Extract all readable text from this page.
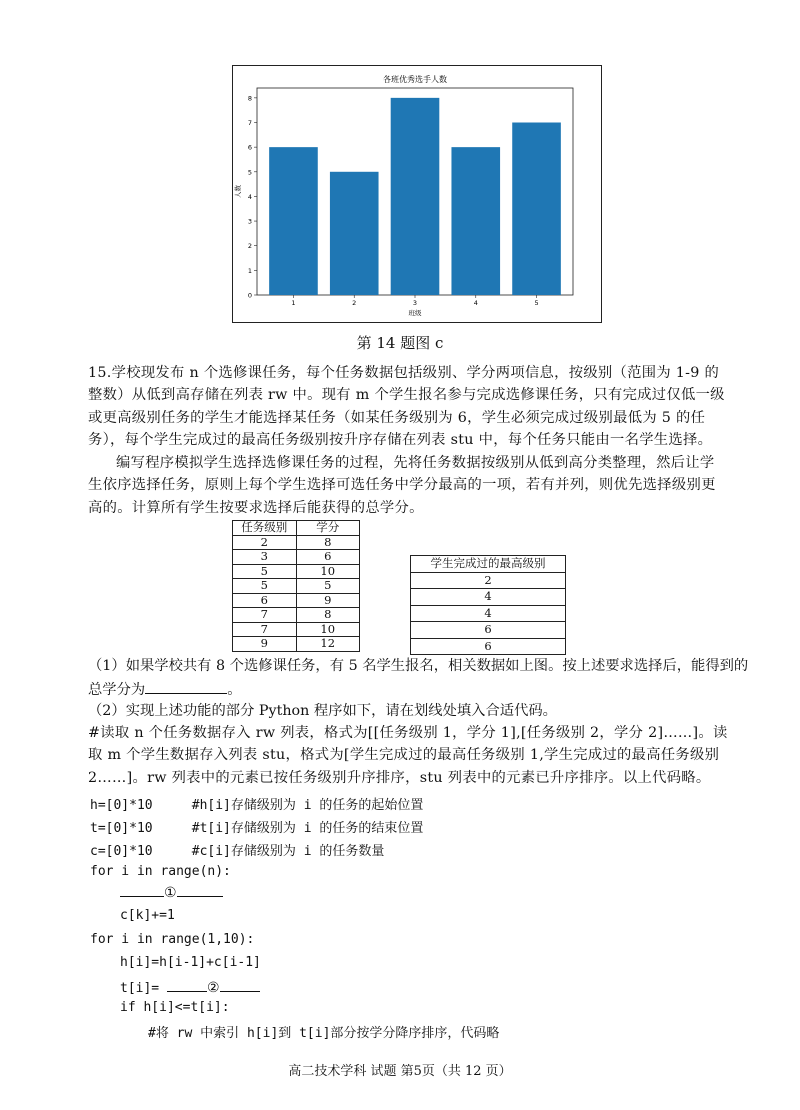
各班优秀选手人数
0
1
2
3
4
5
6
7
8
1	2	3	4	5
班级
人数
第 14 题图 c
15.学校现发布 n 个选修课任务，每个任务数据包括级别、学分两项信息，按级别（范围为 1-9 的整数）从低到高存储在列表 rw 中。现有 m 个学生报名参与完成选修课任务，只有完成过仅低一级或更高级别任务的学生才能选择某任务（如某任务级别为 6，学生必须完成过级别最低为 5 的任务），每个学生完成过的最高任务级别按升序存储在列表 stu 中，每个任务只能由一名学生选择。
编写程序模拟学生选择选修课任务的过程，先将任务数据按级别从低到高分类整理，然后让学生依序选择任务，原则上每个学生选择可选任务中学分最高的一项，若有并列，则优先选择级别更高的。计算所有学生按要求选择后能获得的总学分。
任务级别	学分
2	8
3	6
5	10
5	5
6	9
7	8
7	10
9	12
学生完成过的最高级别
2
4
4
6
6
（1）如果学校共有 8 个选修课任务，有 5 名学生报名，相关数据如上图。按上述要求选择后，能得到的
总学分为	。
（2）实现上述功能的部分 Python 程序如下，请在划线处填入合适代码。
#读取 n 个任务数据存入 rw 列表，格式为[[任务级别 1，学分 1],[任务级别 2，学分 2]……]。读取 m 个学生数据存入列表 stu，格式为[学生完成过的最高任务级别 1,学生完成过的最高任务级别 2……]。rw 列表中的元素已按任务级别升序排序，stu 列表中的元素已升序排序。以上代码略。
h=[0]*10     #h[i]存储级别为 i 的任务的起始位置
t=[0]*10     #t[i]存储级别为 i 的任务的结束位置
c=[0]*10     #c[i]存储级别为 i 的任务数量
for i in range(n):
①
c[k]+=1
for i in range(1,10):
h[i]=h[i-1]+c[i-1]
t[i]=	②
if h[i]<=t[i]:
#将 rw 中索引 h[i]到 t[i]部分按学分降序排序，代码略
高二技术学科 试题 第5页（共 12 页）
